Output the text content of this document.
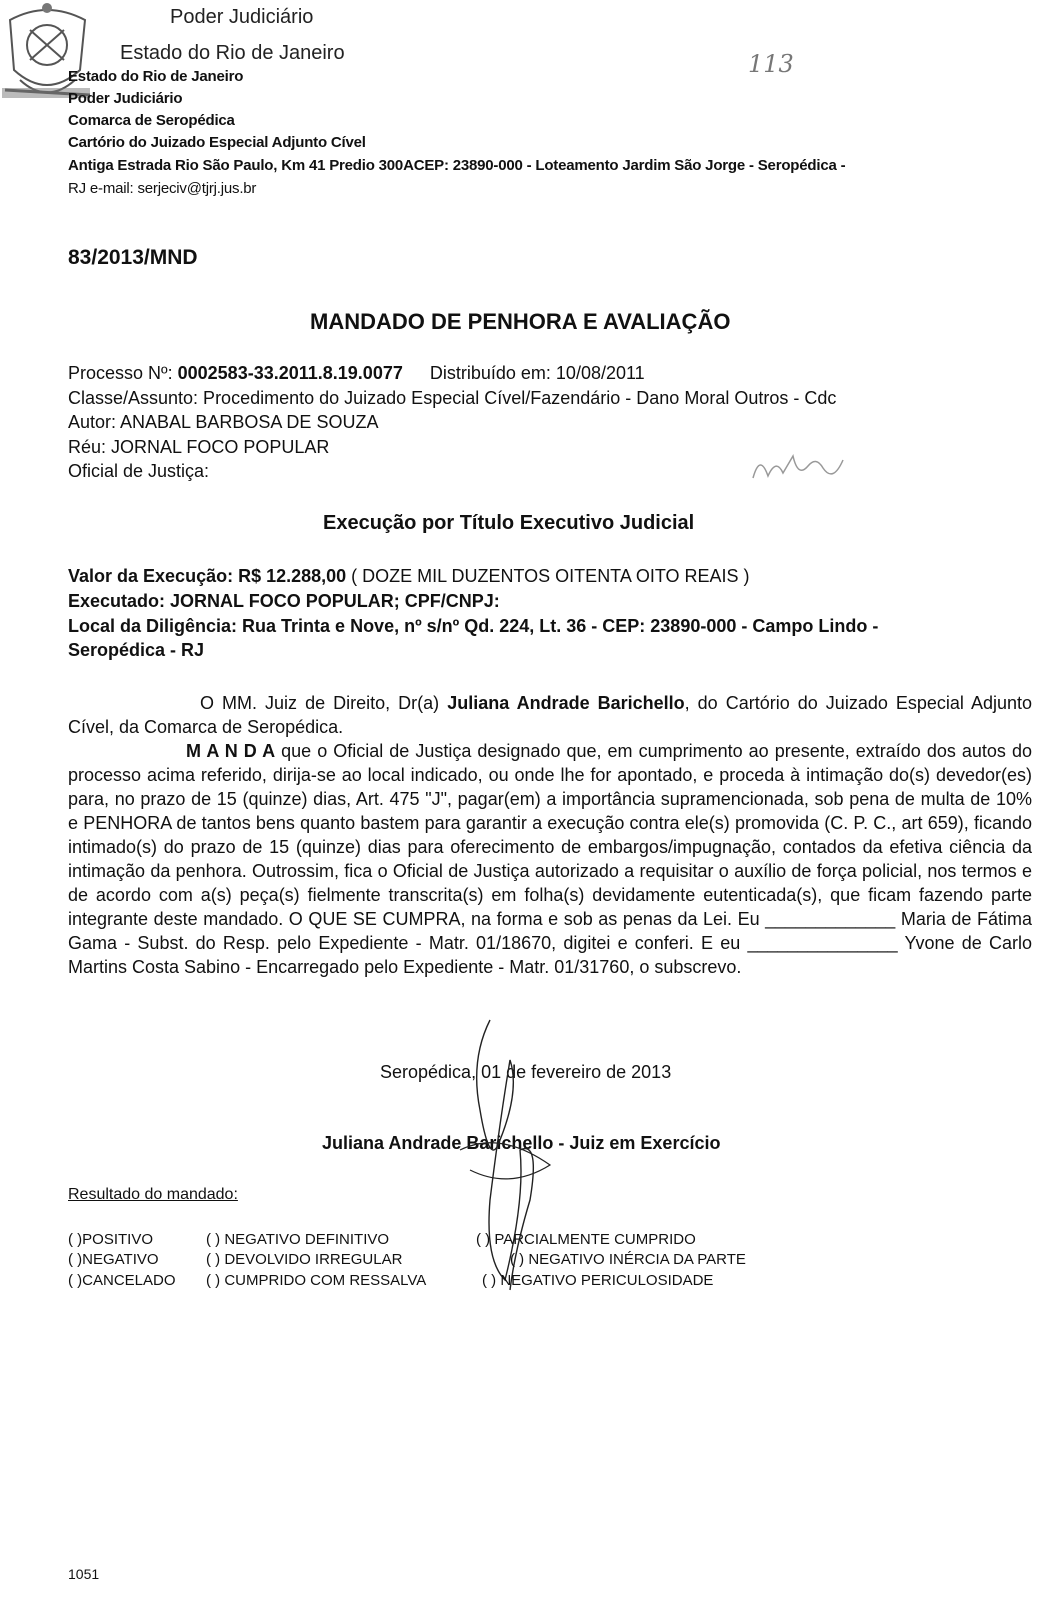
Poder Judiciário
Estado do Rio de Janeiro
Estado do Rio de Janeiro
Poder Judiciário
Comarca de Seropédica
Cartório do Juizado Especial Adjunto Cível
Antiga Estrada Rio São Paulo, Km 41 Predio 300ACEP: 23890-000 - Loteamento Jardim São Jorge - Seropédica -
RJ e-mail: serjeciv@tjrj.jus.br
113
83/2013/MND
MANDADO DE PENHORA E AVALIAÇÃO
Processo Nº: 0002583-33.2011.8.19.0077 Distribuído em: 10/08/2011
Classe/Assunto: Procedimento do Juizado Especial Cível/Fazendário - Dano Moral Outros - Cdc
Autor: ANABAL BARBOSA DE SOUZA
Réu: JORNAL FOCO POPULAR
Oficial de Justiça:
Execução por Título Executivo Judicial
Valor da Execução: R$ 12.288,00 ( DOZE MIL DUZENTOS OITENTA OITO REAIS )
Executado: JORNAL FOCO POPULAR; CPF/CNPJ:
Local da Diligência: Rua Trinta e Nove, nº s/nº Qd. 224, Lt. 36 - CEP: 23890-000 - Campo Lindo -
Seropédica - RJ
O MM. Juiz de Direito, Dr(a) Juliana Andrade Barichello, do Cartório do Juizado Especial Adjunto Cível, da Comarca de Seropédica.
M A N D A que o Oficial de Justiça designado que, em cumprimento ao presente, extraído dos autos do processo acima referido, dirija-se ao local indicado, ou onde lhe for apontado, e proceda à intimação do(s) devedor(es) para, no prazo de 15 (quinze) dias, Art. 475 "J", pagar(em) a importância supramencionada, sob pena de multa de 10% e PENHORA de tantos bens quanto bastem para garantir a execução contra ele(s) promovida (C. P. C., art 659), ficando intimado(s) do prazo de 15 (quinze) dias para oferecimento de embargos/impugnação, contados da efetiva ciência da intimação da penhora. Outrossim, fica o Oficial de Justiça autorizado a requisitar o auxílio de força policial, nos termos e de acordo com a(s) peça(s) fielmente transcrita(s) em folha(s) devidamente eutenticada(s), que ficam fazendo parte integrante deste mandado. O QUE SE CUMPRA, na forma e sob as penas da Lei. Eu _____________ Maria de Fátima Gama - Subst. do Resp. pelo Expediente - Matr. 01/18670, digitei e conferi. E eu _______________ Yvone de Carlo Martins Costa Sabino - Encarregado pelo Expediente - Matr. 01/31760, o subscrevo.
Seropédica, 01 de fevereiro de 2013
Juliana Andrade Barichello - Juiz em Exercício
Resultado do mandado:
( )POSITIVO	( ) NEGATIVO DEFINITIVO	( ) PARCIALMENTE CUMPRIDO
( )NEGATIVO	( ) DEVOLVIDO IRREGULAR	( ) NEGATIVO INÉRCIA DA PARTE
( )CANCELADO ( ) CUMPRIDO COM RESSALVA	( ) NEGATIVO PERICULOSIDADE
1051
